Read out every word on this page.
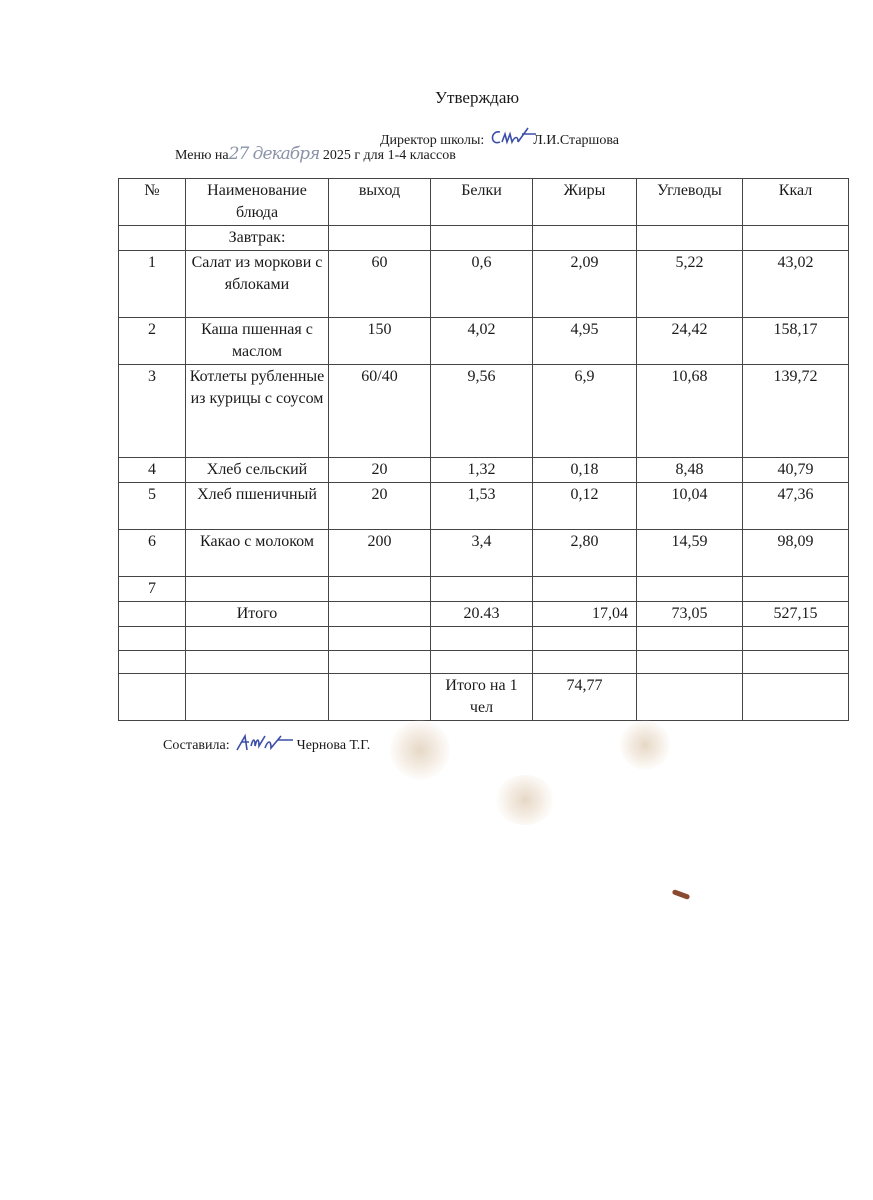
Утверждаю
Директор школы:	Л.И.Старшова
Меню на27 декабря 2025 г для 1-4 классов
№	Наименование блюда	выход	Белки	Жиры	Углеводы	Ккал
	Завтрак:					
1	Салат из моркови с яблоками	60	0,6	2,09	5,22	43,02
2	Каша пшенная с маслом	150	4,02	4,95	24,42	158,17
3	Котлеты рубленные из курицы с соусом	60/40	9,56	6,9	10,68	139,72
4	Хлеб сельский	20	1,32	0,18	8,48	40,79
5	Хлеб пшеничный	20	1,53	0,12	10,04	47,36
6	Какао с молоком	200	3,4	2,80	14,59	98,09
7						
	Итого		20.43	17,04	73,05	527,15

			Итого на 1 чел	74,77		
Составила:	Чернова Т.Г.
